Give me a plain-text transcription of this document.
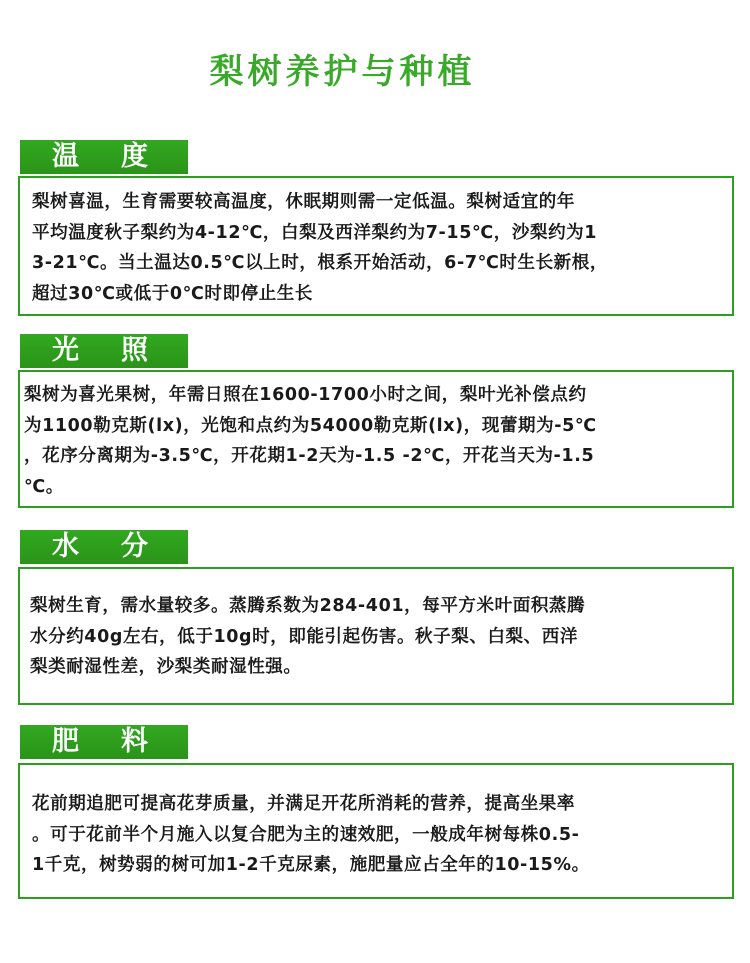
梨树养护与种植
温 度

梨树喜温，生育需要较高温度，休眠期则需一定低温。梨树适宜的年

平均温度秋子梨约为4-12℃，白梨及西洋梨约为7-15℃，沙梨约为1

3-21℃。当土温达0.5℃以上时，根系开始活动，6-7℃时生长新根，

超过30℃或低于0℃时即停止生长

光 照

梨树为喜光果树，年需日照在1600-1700小时之间，梨叶光补偿点约

为1100勒克斯(lx)，光饱和点约为54000勒克斯(lx)，现蕾期为-5℃

，花序分离期为-3.5℃，开花期1-2天为-1.5 -2℃，开花当天为-1.5

℃。

水 分

梨树生育，需水量较多。蒸腾系数为284-401，每平方米叶面积蒸腾

水分约40g左右，低于10g时，即能引起伤害。秋子梨、白梨、西洋

梨类耐湿性差，沙梨类耐湿性强。

肥 料

花前期追肥可提高花芽质量，并满足开花所消耗的营养，提高坐果率

。可于花前半个月施入以复合肥为主的速效肥，一般成年树每株0.5-

1千克，树势弱的树可加1-2千克尿素，施肥量应占全年的10-15%。
